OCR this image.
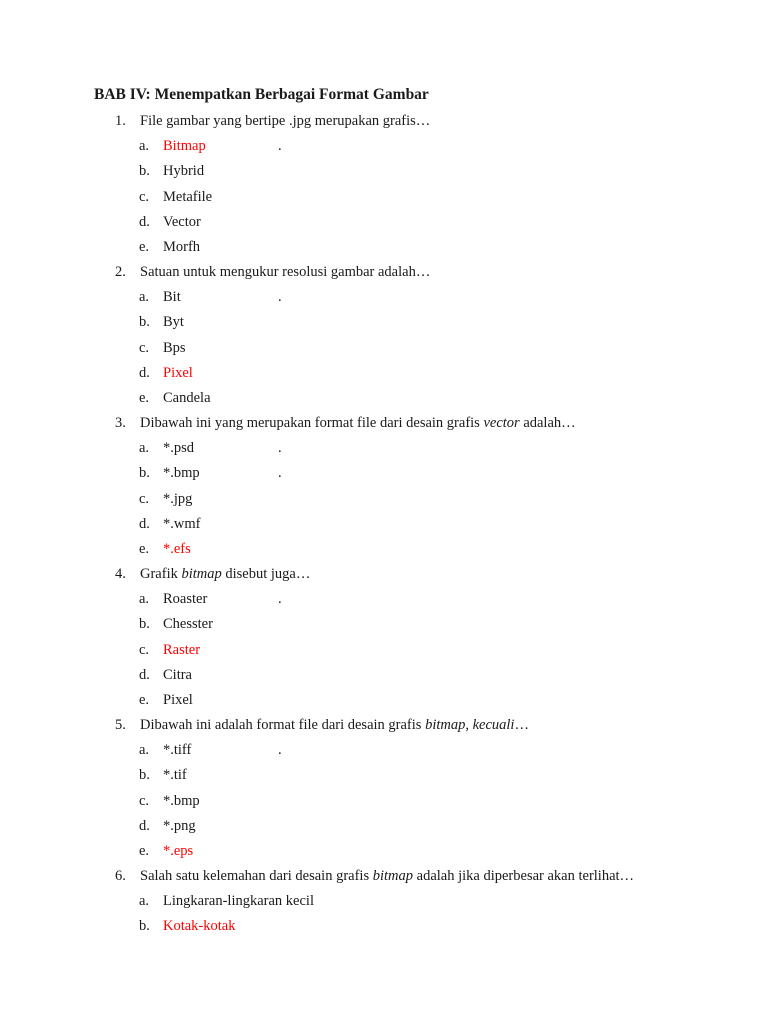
BAB IV: Menempatkan Berbagai Format Gambar
1. File gambar yang bertipe .jpg merupakan grafis…
a. Bitmap	.
b. Hybrid
c. Metafile
d. Vector
e. Morfh
2. Satuan untuk mengukur resolusi gambar adalah…
a. Bit	.
b. Byt
c. Bps
d. Pixel
e. Candela
3. Dibawah ini yang merupakan format file dari desain grafis vector adalah…
a. *.psd	.
b. *.bmp	.
c. *.jpg
d. *.wmf
e. *.efs
4. Grafik bitmap disebut juga…
a. Roaster	.
b. Chesster
c. Raster
d. Citra
e. Pixel
5. Dibawah ini adalah format file dari desain grafis bitmap, kecuali…
a. *.tiff	.
b. *.tif
c. *.bmp
d. *.png
e. *.eps
6. Salah satu kelemahan dari desain grafis bitmap adalah jika diperbesar akan terlihat…
a. Lingkaran-lingkaran kecil
b. Kotak-kotak
